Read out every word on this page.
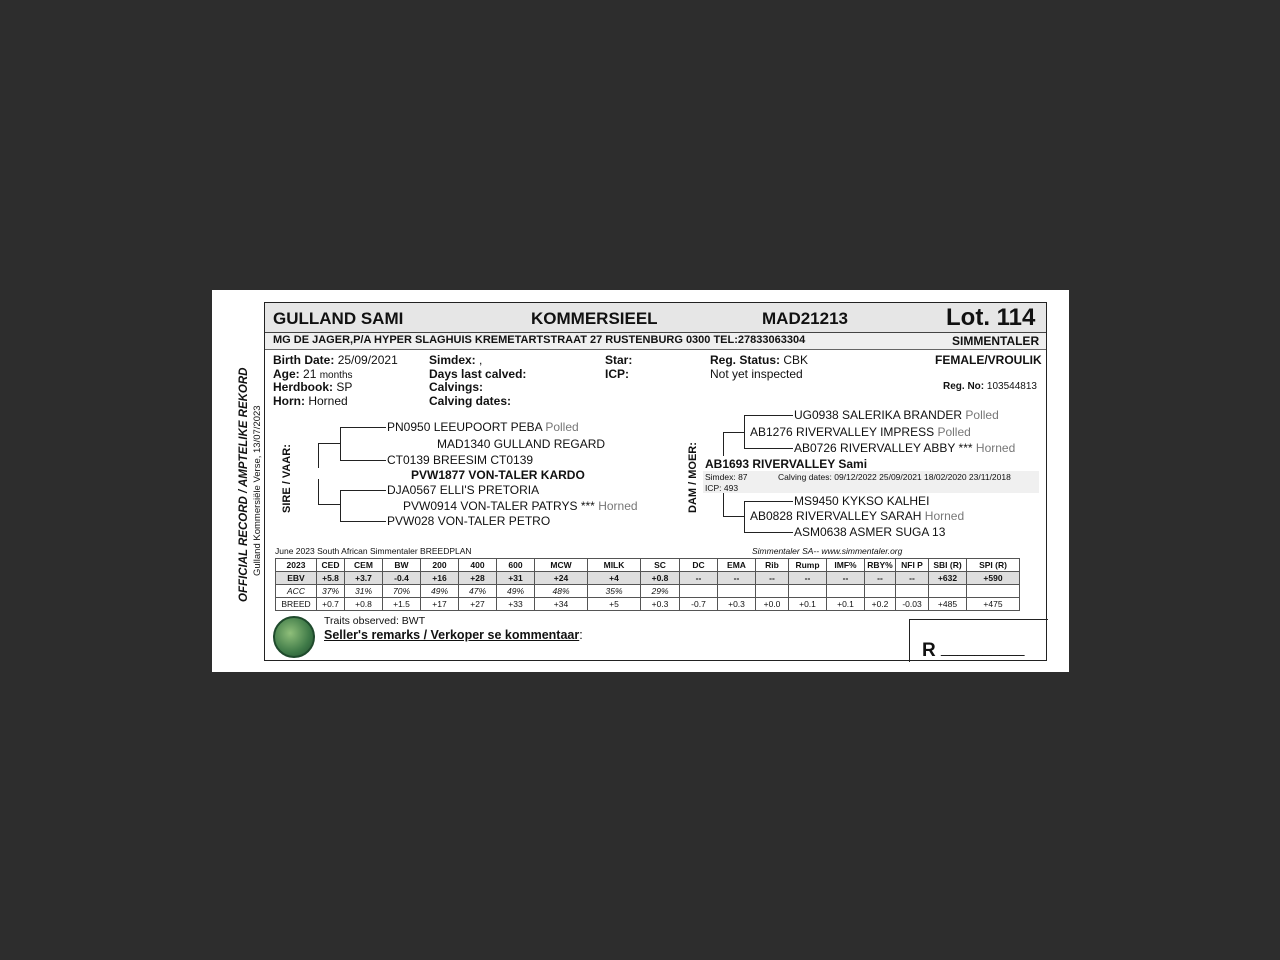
OFFICIAL RECORD / AMPTELIKE REKORD Gulland Kommersiële Verse, 13/07/2023
GULLAND SAMI	KOMMERSIEEL	MAD21213	Lot. 114
MG DE JAGER,P/A HYPER SLAGHUIS KREMETARTSTRAAT 27 RUSTENBURG 0300 TEL:27833063304	SIMMENTALER
Birth Date: 25/09/2021
Age: 21 months
Herdbook: SP
Horn: Horned
Simdex: ,
Days last calved:
Calvings:
Calving dates:
Star:
ICP:
Reg. Status: CBK
Not yet inspected
FEMALE/VROULIK
Reg. No: 103544813
SIRE / VAAR:
PN0950 LEEUPOORT PEBA Polled
MAD1340 GULLAND REGARD
CT0139 BREESIM CT0139
PVW1877 VON-TALER KARDO
DJA0567 ELLI'S PRETORIA
PVW0914 VON-TALER PATRYS *** Horned
PVW028 VON-TALER PETRO
DAM / MOER:
UG0938 SALERIKA BRANDER Polled
AB1276 RIVERVALLEY IMPRESS Polled
AB0726 RIVERVALLEY ABBY *** Horned
AB1693 RIVERVALLEY Sami
Simdex: 87	Calving dates: 09/12/2022 25/09/2021 18/02/2020 23/11/2018
ICP: 493
MS9450 KYKSO KALHEI
AB0828 RIVERVALLEY SARAH Horned
ASM0638 ASMER SUGA 13
June 2023 South African Simmentaler BREEDPLAN	Simmentaler SA-- www.simmentaler.org
2023	CED	CEM	BW	200	400	600	MCW	MILK	SC	DC	EMA	Rib	Rump	IMF%	RBY%	NFI P	SBI (R)	SPI (R)
EBV	+5.8	+3.7	-0.4	+16	+28	+31	+24	+4	+0.8	--	--	--	--	--	--	--	+632	+590
ACC	37%	31%	70%	49%	47%	49%	48%	35%	29%									
BREED	+0.7	+0.8	+1.5	+17	+27	+33	+34	+5	+0.3	-0.7	+0.3	+0.0	+0.1	+0.1	+0.2	-0.03	+485	+475
Traits observed: BWT
Seller's remarks / Verkoper se kommentaar:
R __________
